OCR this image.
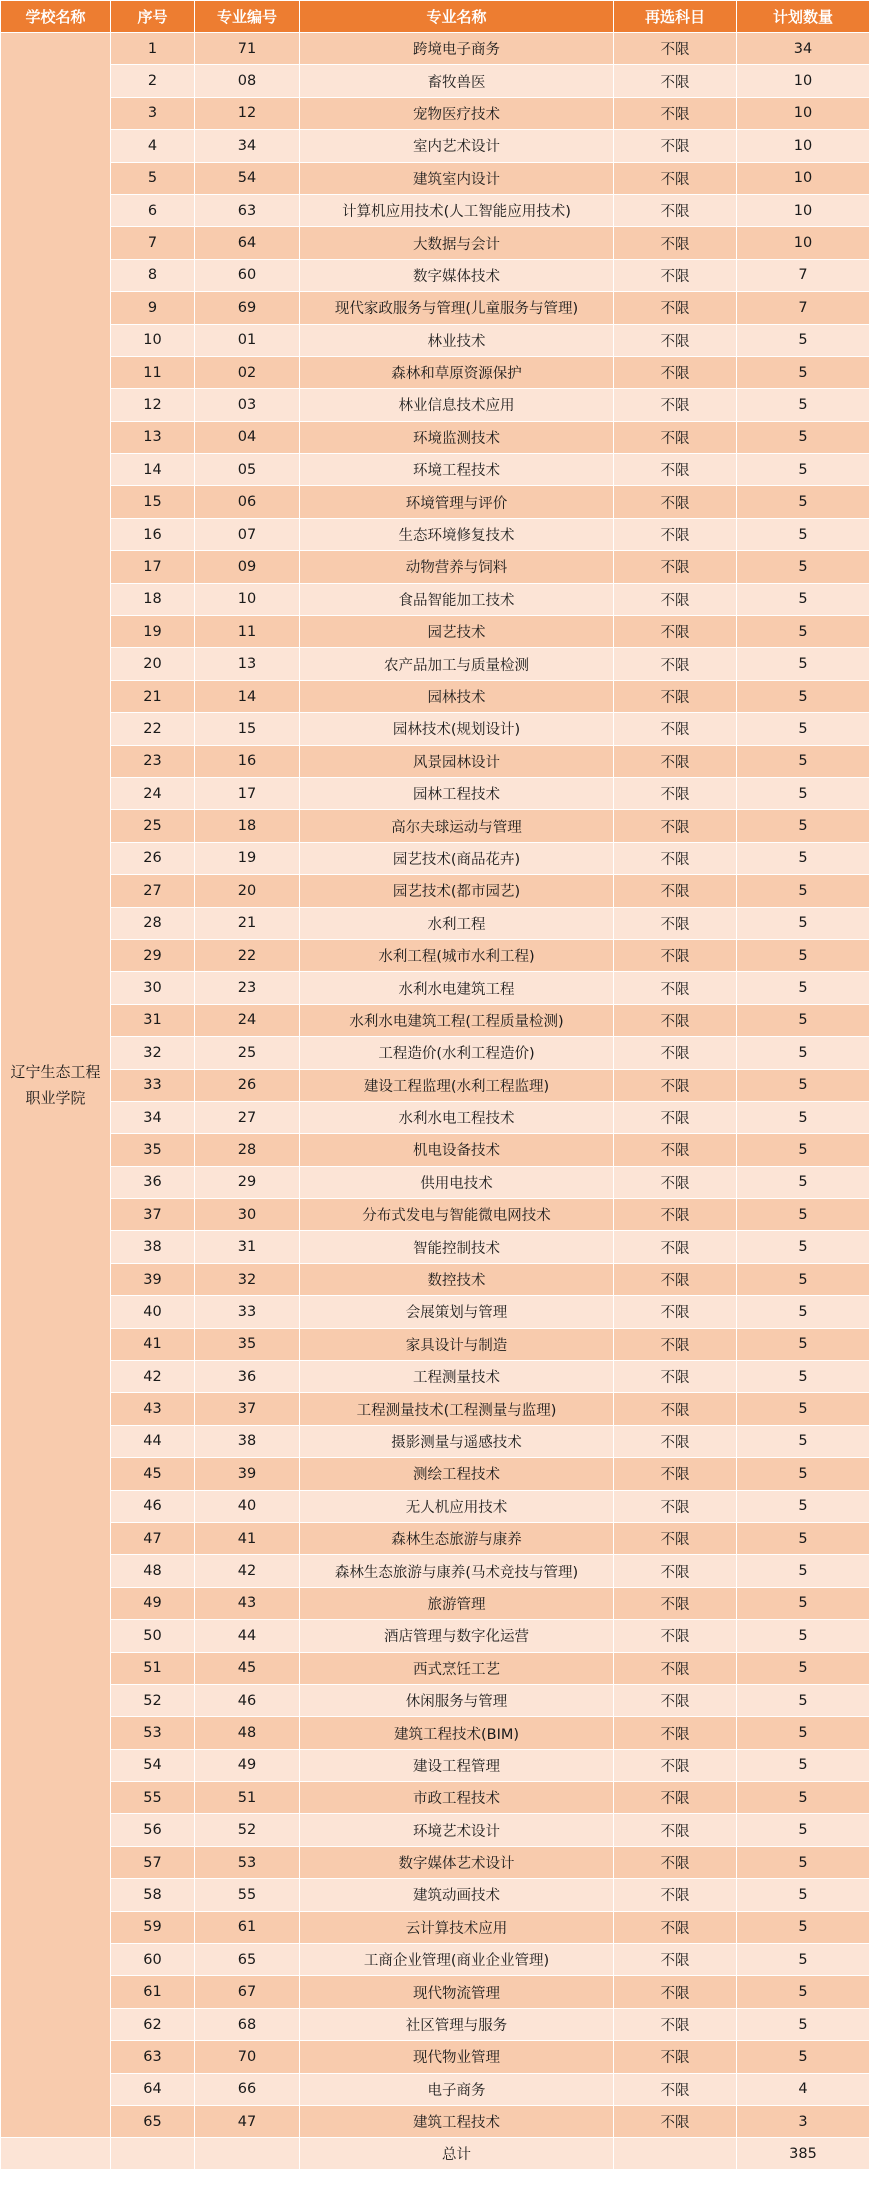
学校名称	序号	专业编号	专业名称	再选科目	计划数量
辽宁生态工程职业学院	1	71	跨境电子商务	不限	34
	2	08	畜牧兽医	不限	10
	3	12	宠物医疗技术	不限	10
	4	34	室内艺术设计	不限	10
	5	54	建筑室内设计	不限	10
	6	63	计算机应用技术(人工智能应用技术)	不限	10
	7	64	大数据与会计	不限	10
	8	60	数字媒体技术	不限	7
	9	69	现代家政服务与管理(儿童服务与管理)	不限	7
	10	01	林业技术	不限	5
	11	02	森林和草原资源保护	不限	5
	12	03	林业信息技术应用	不限	5
	13	04	环境监测技术	不限	5
	14	05	环境工程技术	不限	5
	15	06	环境管理与评价	不限	5
	16	07	生态环境修复技术	不限	5
	17	09	动物营养与饲料	不限	5
	18	10	食品智能加工技术	不限	5
	19	11	园艺技术	不限	5
	20	13	农产品加工与质量检测	不限	5
	21	14	园林技术	不限	5
	22	15	园林技术(规划设计)	不限	5
	23	16	风景园林设计	不限	5
	24	17	园林工程技术	不限	5
	25	18	高尔夫球运动与管理	不限	5
	26	19	园艺技术(商品花卉)	不限	5
	27	20	园艺技术(都市园艺)	不限	5
	28	21	水利工程	不限	5
	29	22	水利工程(城市水利工程)	不限	5
	30	23	水利水电建筑工程	不限	5
	31	24	水利水电建筑工程(工程质量检测)	不限	5
	32	25	工程造价(水利工程造价)	不限	5
	33	26	建设工程监理(水利工程监理)	不限	5
	34	27	水利水电工程技术	不限	5
	35	28	机电设备技术	不限	5
	36	29	供用电技术	不限	5
	37	30	分布式发电与智能微电网技术	不限	5
	38	31	智能控制技术	不限	5
	39	32	数控技术	不限	5
	40	33	会展策划与管理	不限	5
	41	35	家具设计与制造	不限	5
	42	36	工程测量技术	不限	5
	43	37	工程测量技术(工程测量与监理)	不限	5
	44	38	摄影测量与遥感技术	不限	5
	45	39	测绘工程技术	不限	5
	46	40	无人机应用技术	不限	5
	47	41	森林生态旅游与康养	不限	5
	48	42	森林生态旅游与康养(马术竞技与管理)	不限	5
	49	43	旅游管理	不限	5
	50	44	酒店管理与数字化运营	不限	5
	51	45	西式烹饪工艺	不限	5
	52	46	休闲服务与管理	不限	5
	53	48	建筑工程技术(BIM)	不限	5
	54	49	建设工程管理	不限	5
	55	51	市政工程技术	不限	5
	56	52	环境艺术设计	不限	5
	57	53	数字媒体艺术设计	不限	5
	58	55	建筑动画技术	不限	5
	59	61	云计算技术应用	不限	5
	60	65	工商企业管理(商业企业管理)	不限	5
	61	67	现代物流管理	不限	5
	62	68	社区管理与服务	不限	5
	63	70	现代物业管理	不限	5
	64	66	电子商务	不限	4
	65	47	建筑工程技术	不限	3
			总计		385
